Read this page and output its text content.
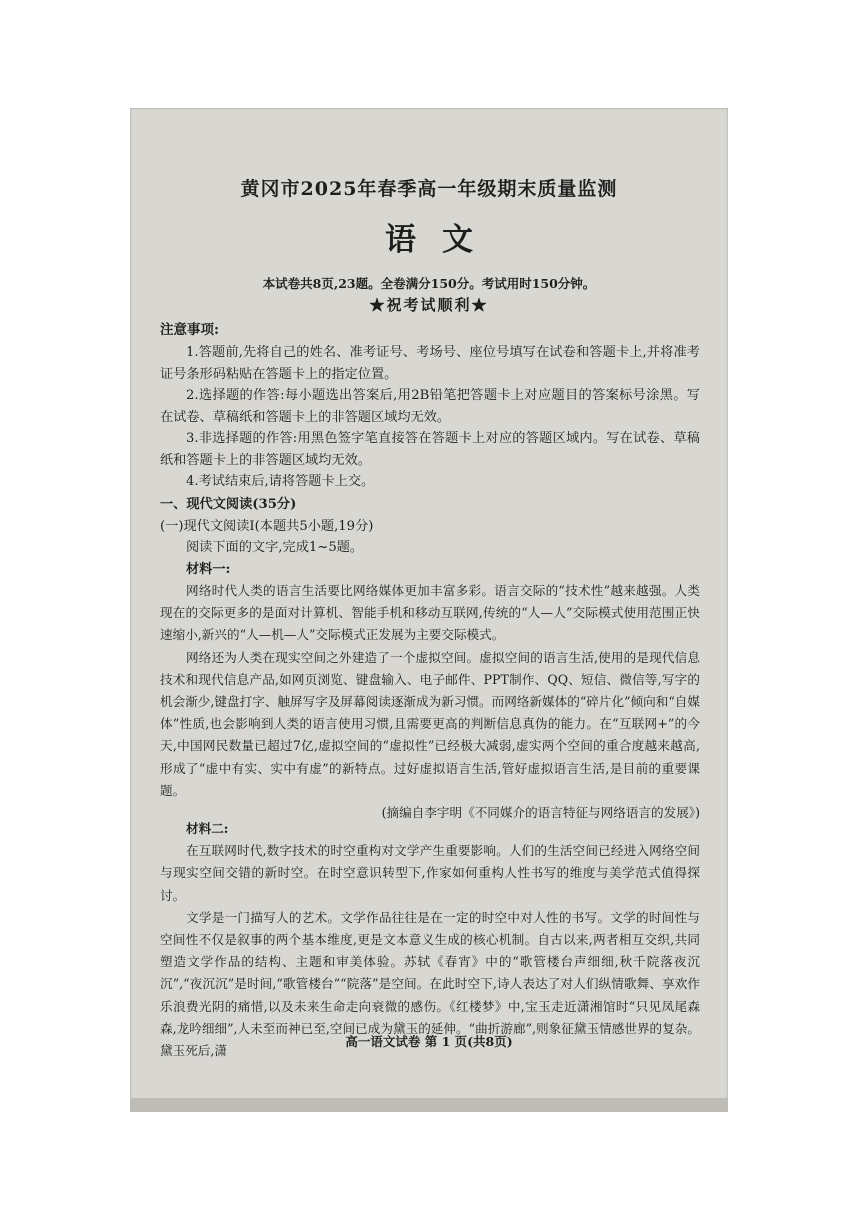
黄冈市2025年春季高一年级期末质量监测
语文
本试卷共8页,23题。全卷满分150分。考试用时150分钟。
★祝考试顺利★
注意事项:

1.答题前,先将自己的姓名、准考证号、考场号、座位号填写在试卷和答题卡上,并将准考证号条形码粘贴在答题卡上的指定位置。

2.选择题的作答:每小题选出答案后,用2B铅笔把答题卡上对应题目的答案标号涂黑。写在试卷、草稿纸和答题卡上的非答题区域均无效。

3.非选择题的作答:用黑色签字笔直接答在答题卡上对应的答题区域内。写在试卷、草稿纸和答题卡上的非答题区域均无效。

4.考试结束后,请将答题卡上交。

一、现代文阅读(35分)

(一)现代文阅读Ⅰ(本题共5小题,19分)

阅读下面的文字,完成1~5题。

材料一:

网络时代人类的语言生活要比网络媒体更加丰富多彩。语言交际的“技术性”越来越强。人类现在的交际更多的是面对计算机、智能手机和移动互联网,传统的“人—人”交际模式使用范围正快速缩小,新兴的“人—机—人”交际模式正发展为主要交际模式。

网络还为人类在现实空间之外建造了一个虚拟空间。虚拟空间的语言生活,使用的是现代信息技术和现代信息产品,如网页浏览、键盘输入、电子邮件、PPT制作、QQ、短信、微信等,写字的机会渐少,键盘打字、触屏写字及屏幕阅读逐渐成为新习惯。而网络新媒体的“碎片化”倾向和“自媒体”性质,也会影响到人类的语言使用习惯,且需要更高的判断信息真伪的能力。在“互联网+”的今天,中国网民数量已超过7亿,虚拟空间的“虚拟性”已经极大减弱,虚实两个空间的重合度越来越高,形成了“虚中有实、实中有虚”的新特点。过好虚拟语言生活,管好虚拟语言生活,是目前的重要课题。

(摘编自李宇明《不同媒介的语言特征与网络语言的发展》)

材料二:

在互联网时代,数字技术的时空重构对文学产生重要影响。人们的生活空间已经进入网络空间与现实空间交错的新时空。在时空意识转型下,作家如何重构人性书写的维度与美学范式值得探讨。

文学是一门描写人的艺术。文学作品往往是在一定的时空中对人性的书写。文学的时间性与空间性不仅是叙事的两个基本维度,更是文本意义生成的核心机制。自古以来,两者相互交织,共同塑造文学作品的结构、主题和审美体验。苏轼《春宵》中的“歌管楼台声细细,秋千院落夜沉沉”,“夜沉沉”是时间,“歌管楼台”“院落”是空间。在此时空下,诗人表达了对人们纵情歌舞、享欢作乐浪费光阴的痛惜,以及未来生命走向衰微的感伤。《红楼梦》中,宝玉走近潇湘馆时“只见凤尾森森,龙吟细细”,人未至而神已至,空间已成为黛玉的延伸。“曲折游廊”,则象征黛玉情感世界的复杂。黛玉死后,潇

高一语文试卷 第 1 页(共8页)
